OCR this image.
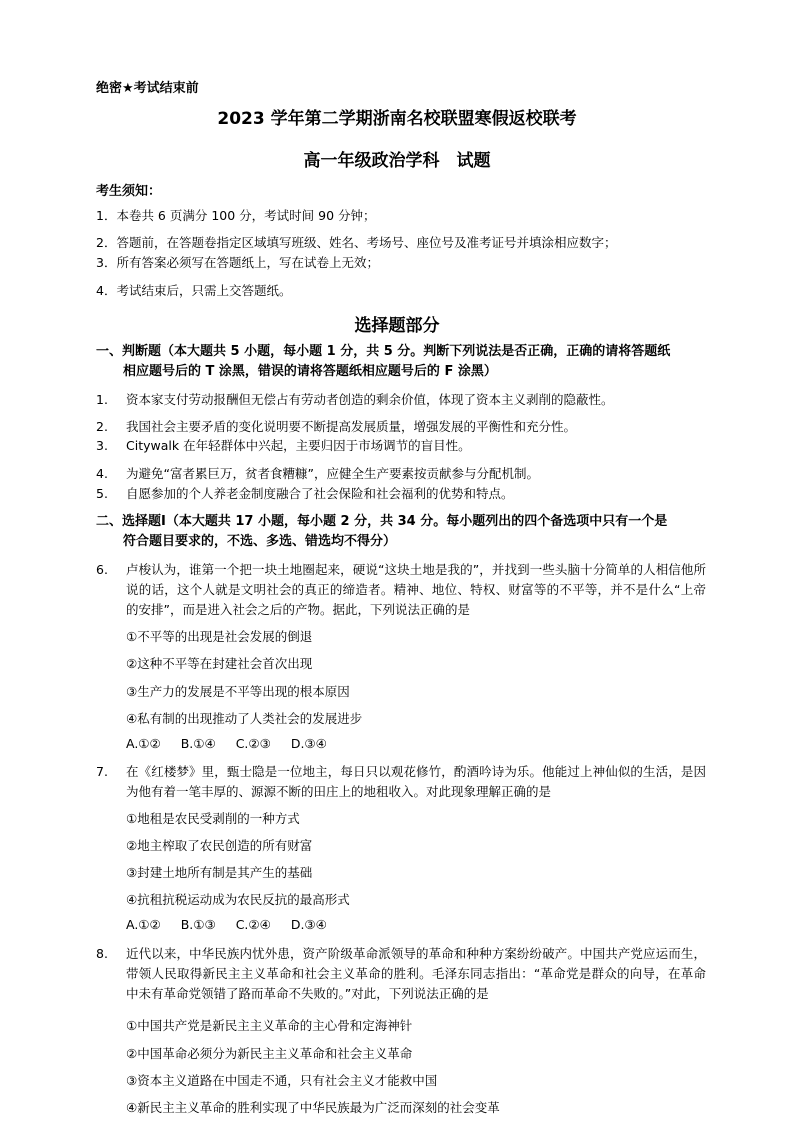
绝密★考试结束前
2023 学年第二学期浙南名校联盟寒假返校联考
高一年级政治学科　试题
考生须知：
1．本卷共 6 页满分 100 分，考试时间 90 分钟；
2．答题前，在答题卷指定区域填写班级、姓名、考场号、座位号及准考证号并填涂相应数字；
3．所有答案必须写在答题纸上，写在试卷上无效；
4．考试结束后，只需上交答题纸。
选择题部分
一、判断题（本大题共 5 小题，每小题 1 分，共 5 分。判断下列说法是否正确，正确的请将答题纸
相应题号后的 T 涂黑，错误的请将答题纸相应题号后的 F 涂黑）
1. 资本家支付劳动报酬但无偿占有劳动者创造的剩余价值，体现了资本主义剥削的隐蔽性。
2. 我国社会主要矛盾的变化说明要不断提高发展质量，增强发展的平衡性和充分性。
3. Citywalk 在年轻群体中兴起，主要归因于市场调节的盲目性。
4. 为避免“富者累巨万，贫者食糟糠”，应健全生产要素按贡献参与分配机制。
5. 自愿参加的个人养老金制度融合了社会保险和社会福利的优势和特点。
二、选择题Ⅰ（本大题共 17 小题，每小题 2 分，共 34 分。每小题列出的四个备选项中只有一个是
符合题目要求的，不选、多选、错选均不得分）
6. 卢梭认为，谁第一个把一块土地圈起来，硬说“这块土地是我的”，并找到一些头脑十分简单的人相信他所说的话，这个人就是文明社会的真正的缔造者。精神、地位、特权、财富等的不平等，并不是什么“上帝的安排”，而是进入社会之后的产物。据此，下列说法正确的是
①不平等的出现是社会发展的倒退
②这种不平等在封建社会首次出现
③生产力的发展是不平等出现的根本原因
④私有制的出现推动了人类社会的发展进步
A.①② B.①④ C.②③ D.③④
7. 在《红楼梦》里，甄士隐是一位地主，每日只以观花修竹，酌酒吟诗为乐。他能过上神仙似的生活，是因为他有着一笔丰厚的、源源不断的田庄上的地租收入。对此现象理解正确的是
①地租是农民受剥削的一种方式
②地主榨取了农民创造的所有财富
③封建土地所有制是其产生的基础
④抗租抗税运动成为农民反抗的最高形式
A.①② B.①③ C.②④ D.③④
8. 近代以来，中华民族内忧外患，资产阶级革命派领导的革命和种种方案纷纷破产。中国共产党应运而生，带领人民取得新民主主义革命和社会主义革命的胜利。毛泽东同志指出：“革命党是群众的向导，在革命中未有革命党领错了路而革命不失败的。”对此，下列说法正确的是
①中国共产党是新民主主义革命的主心骨和定海神针
②中国革命必须分为新民主主义革命和社会主义革命
③资本主义道路在中国走不通，只有社会主义才能救中国
④新民主主义革命的胜利实现了中华民族最为广泛而深刻的社会变革
